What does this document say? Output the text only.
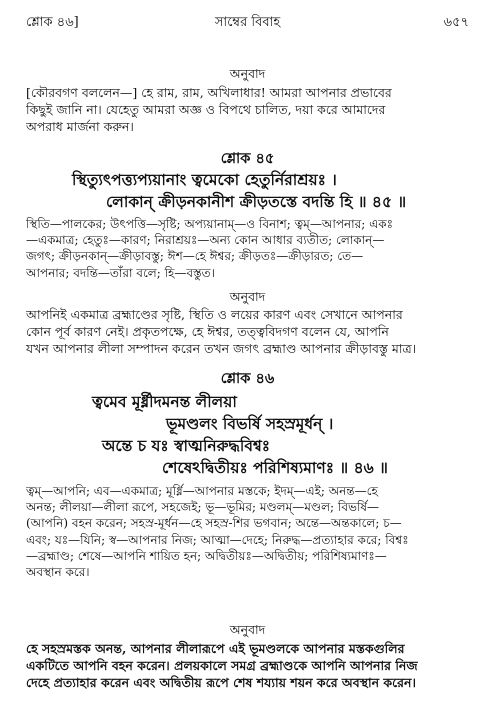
শ্লোক ৪৬]	সাম্বের বিবাহ	৬৫৭
অনুবাদ

[কৌরবগণ বললেন—] হে রাম, রাম, অখিলাধার! আমরা আপনার প্রভাবের

কিছুই জানি না। যেহেতু আমরা অজ্ঞ ও বিপথে চালিত, দয়া করে আমাদের

অপরাধ মার্জনা করুন।

শ্লোক ৪৫
স্থিত্যুৎপত্ত্যপ্যয়ানাং ত্বমেকো হেতুর্নিরাশ্রয়ঃ ।
লোকান্ ক্রীড়নকানীশ ক্রীড়তস্তে বদন্তি হি ॥ ৪৫ ॥

স্থিতি—পালকের; উৎপত্তি—সৃষ্টি; অপ্যয়ানাম্—ও বিনাশ; ত্বম্—আপনার; একঃ

—একমাত্র; হেতুঃ—কারণ; নিরাশ্রয়ঃ—অন্য কোন আধার ব্যতীত; লোকান্—

জগৎ; ক্রীড়নকান্—ক্রীড়াবস্তু; ঈশ—হে ঈশ্বর; ক্রীড়তঃ—ক্রীড়ারত; তে—

আপনার; বদন্তি—তাঁরা বলে; হি—বস্তুত।

অনুবাদ

আপনিই একমাত্র ব্রহ্মাণ্ডের সৃষ্টি, স্থিতি ও লয়ের কারণ এবং সেখানে আপনার

কোন পূর্ব কারণ নেই। প্রকৃতপক্ষে, হে ঈশ্বর, তত্ত্ববিদগণ বলেন যে, আপনি

যখন আপনার লীলা সম্পাদন করেন তখন জগৎ ব্রহ্মাণ্ড আপনার ক্রীড়াবস্তু মাত্র।

শ্লোক ৪৬
ত্বমেব মূর্ধ্নীদমনন্ত লীলয়া
ভূমণ্ডলং বিভর্ষি সহস্রমূর্ধন্ ।
অন্তে চ যঃ স্বাত্মনিরুদ্ধবিশ্বঃ
শেষেঽদ্বিতীয়ঃ পরিশিষ্যমাণঃ ॥ ৪৬ ॥

ত্বম্—আপনি; এব—একমাত্র; মূর্ধ্নি—আপনার মস্তকে; ইদম্—এই; অনন্ত—হে

অনন্ত; লীলয়া—লীলা রূপে, সহজেই; ভূ—ভূমির; মণ্ডলম্—মণ্ডল; বিভর্ষি—

(আপনি) বহন করেন; সহস্র-মূর্ধন—হে সহস্র-শির ভগবান; অন্তে—অন্তকালে; চ—

এবং; যঃ—যিনি; স্ব—আপনার নিজ; আত্মা—দেহে; নিরুদ্ধ—প্রত্যাহার করে; বিশ্বঃ

—ব্রহ্মাণ্ড; শেষে—আপনি শায়িত হন; অদ্বিতীয়ঃ—অদ্বিতীয়; পরিশিষ্যমাণঃ—

অবস্থান করে।

অনুবাদ

হে সহস্রমস্তক অনন্ত, আপনার লীলারূপে এই ভূমণ্ডলকে আপনার মস্তকগুলির

একটিতে আপনি বহন করেন। প্রলয়কালে সমগ্র ব্রহ্মাণ্ডকে আপনি আপনার নিজ

দেহে প্রত্যাহার করেন এবং অদ্বিতীয় রূপে শেষ শয্যায় শয়ন করে অবস্থান করেন।
